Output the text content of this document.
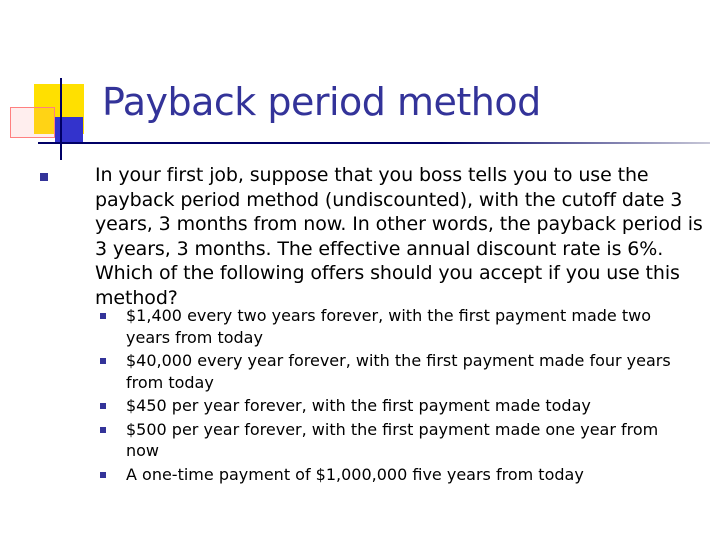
Payback period method

In your first job, suppose that you boss tells you to use the payback period method (undiscounted), with the cutoff date 3 years, 3 months from now. In other words, the payback period is 3 years, 3 months. The effective annual discount rate is 6%. Which of the following offers should you accept if you use this method?

$1,400 every two years forever, with the first payment made two years from today
$40,000 every year forever, with the first payment made four years from today
$450 per year forever, with the first payment made today
$500 per year forever, with the first payment made one year from now
A one-time payment of $1,000,000 five years from today
